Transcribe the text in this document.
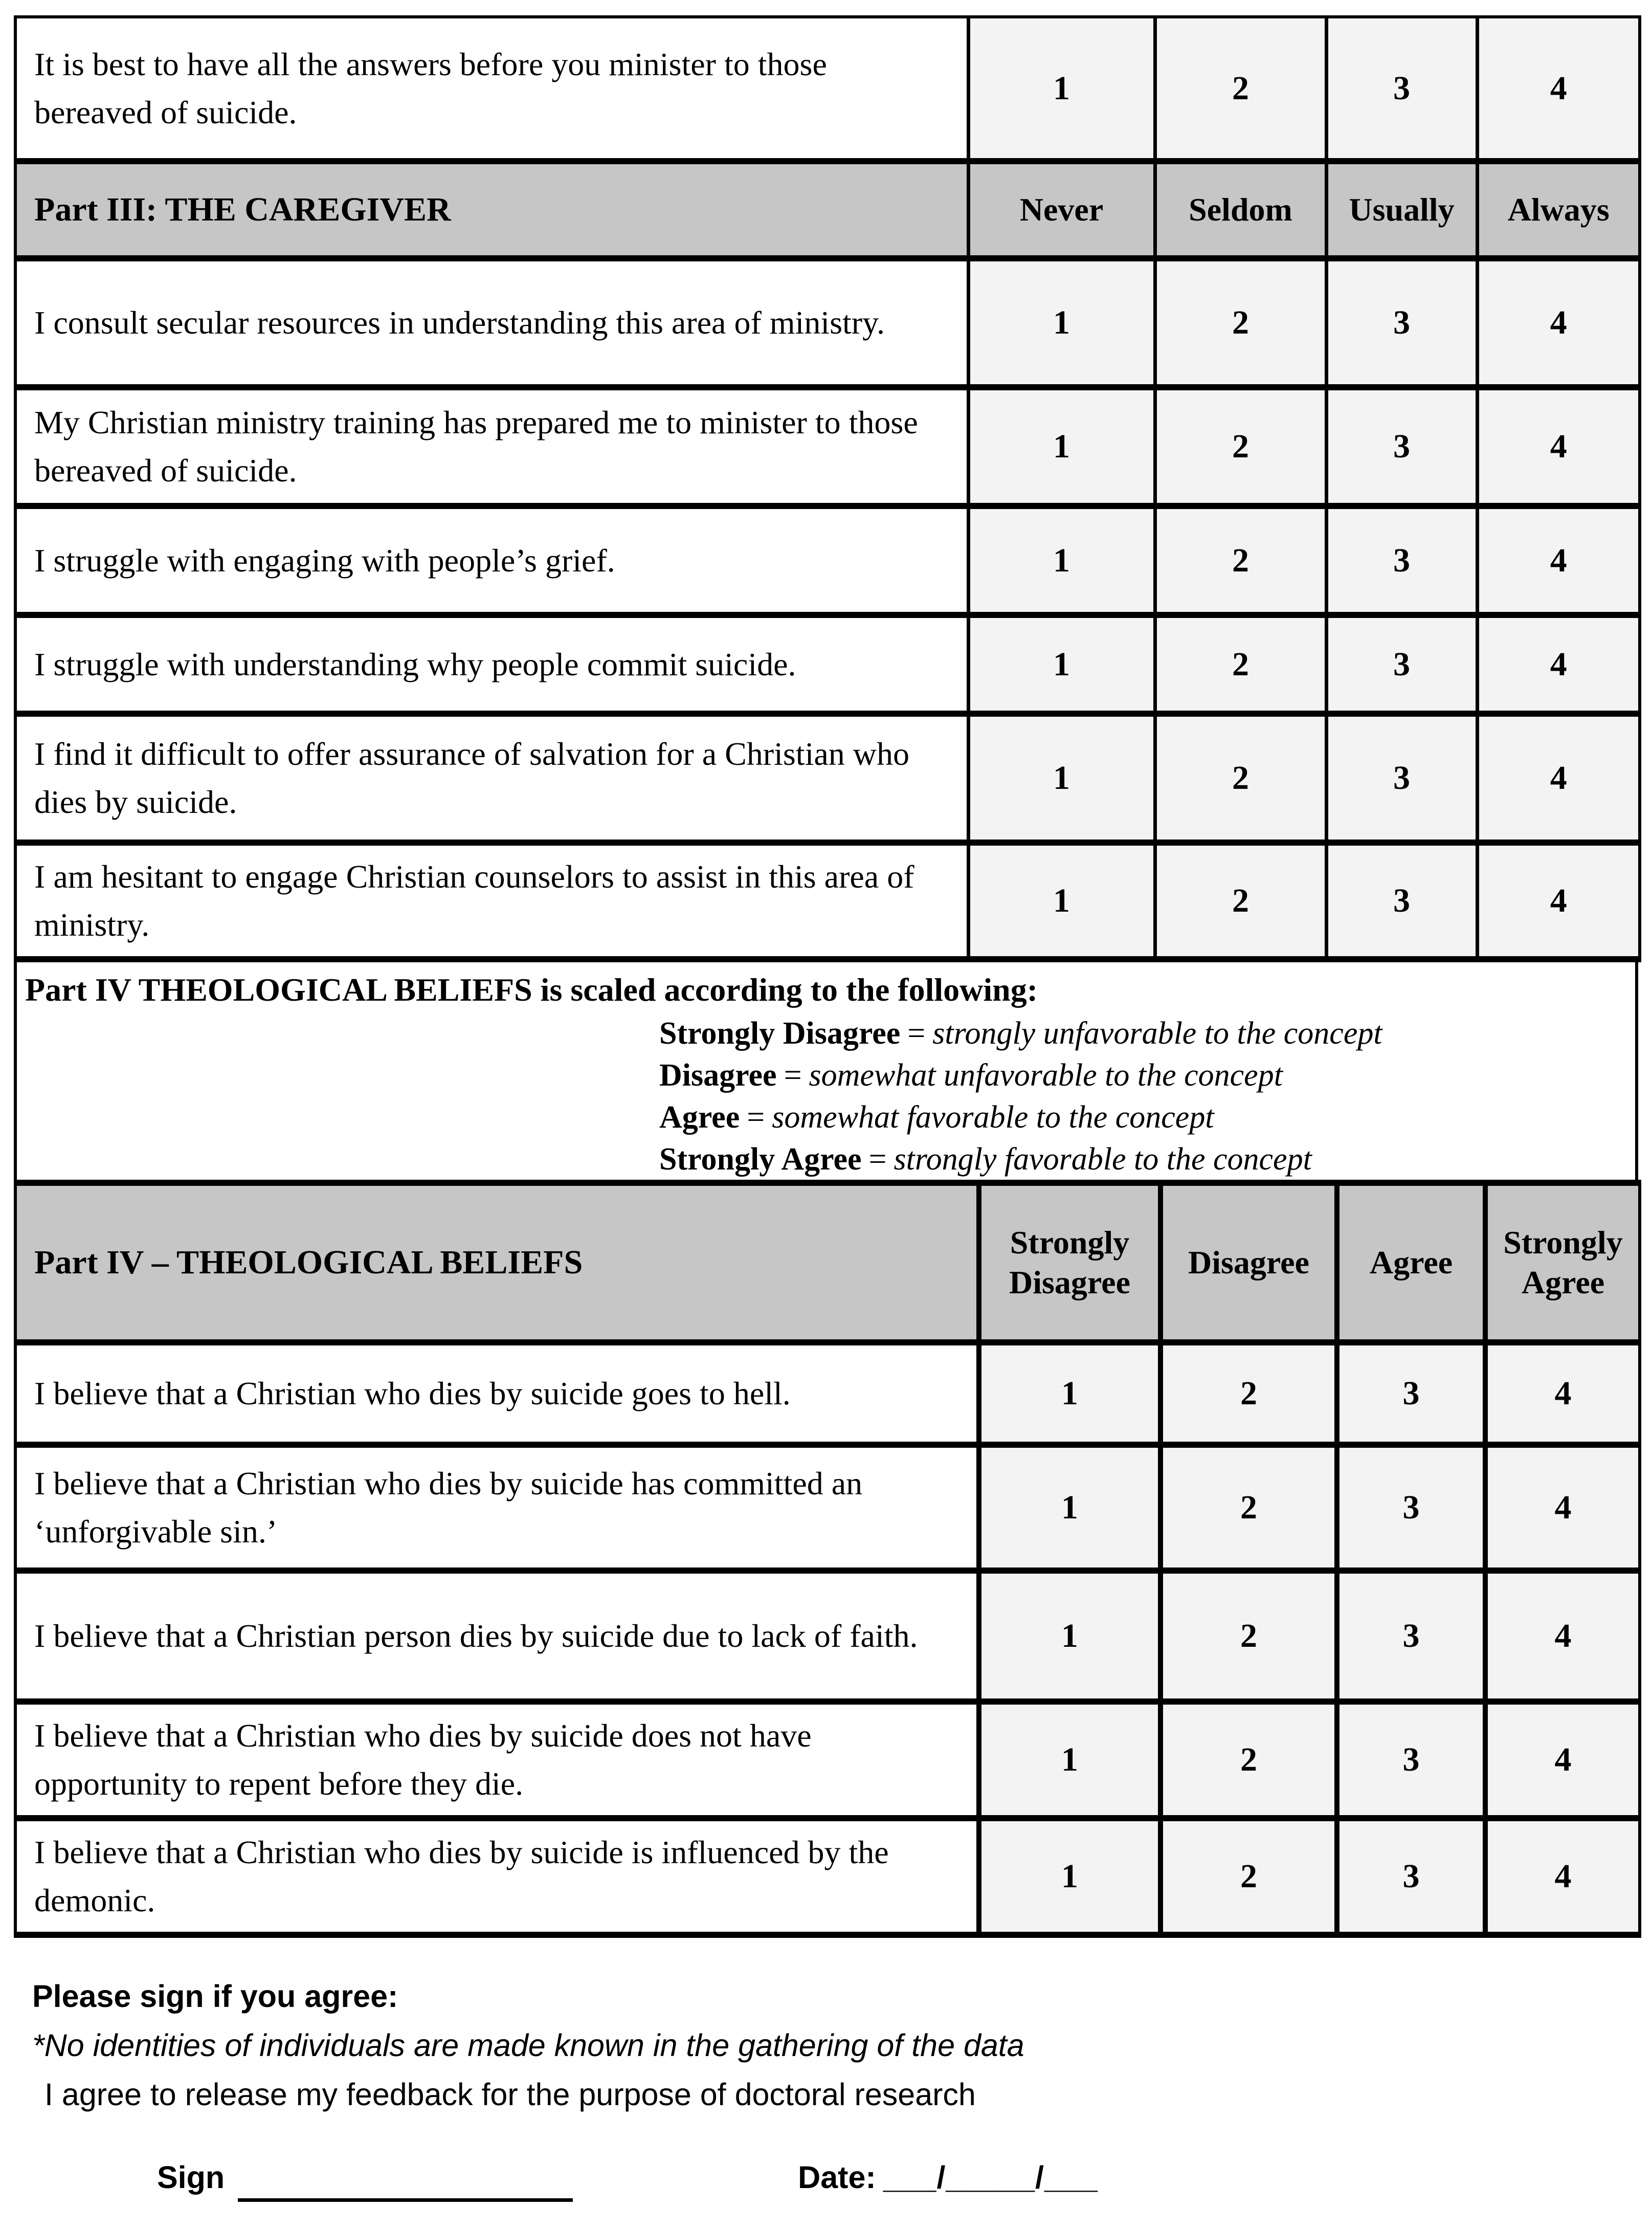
It is best to have all the answers before you minister to those bereaved of suicide.	1	2	3	4
Part III: THE CAREGIVER	Never	Seldom	Usually	Always
I consult secular resources in understanding this area of ministry.	1	2	3	4
My Christian ministry training has prepared me to minister to those bereaved of suicide.	1	2	3	4
I struggle with engaging with people’s grief.	1	2	3	4
I struggle with understanding why people commit suicide.	1	2	3	4
I find it difficult to offer assurance of salvation for a Christian who dies by suicide.	1	2	3	4
I am hesitant to engage Christian counselors to assist in this area of ministry.	1	2	3	4
Part IV THEOLOGICAL BELIEFS is scaled according to the following:
Strongly Disagree = strongly unfavorable to the concept
Disagree = somewhat unfavorable to the concept
Agree = somewhat favorable to the concept
Strongly Agree = strongly favorable to the concept
Part IV – THEOLOGICAL BELIEFS	Strongly Disagree	Disagree	Agree	Strongly Agree
I believe that a Christian who dies by suicide goes to hell.	1	2	3	4
I believe that a Christian who dies by suicide has committed an ‘unforgivable sin.’	1	2	3	4
I believe that a Christian person dies by suicide due to lack of faith.	1	2	3	4
I believe that a Christian who dies by suicide does not have opportunity to repent before they die.	1	2	3	4
I believe that a Christian who dies by suicide is influenced by the demonic.	1	2	3	4
Please sign if you agree:
*No identities of individuals are made known in the gathering of the data
I agree to release my feedback for the purpose of doctoral research
Sign	Date: ___/_____/___
